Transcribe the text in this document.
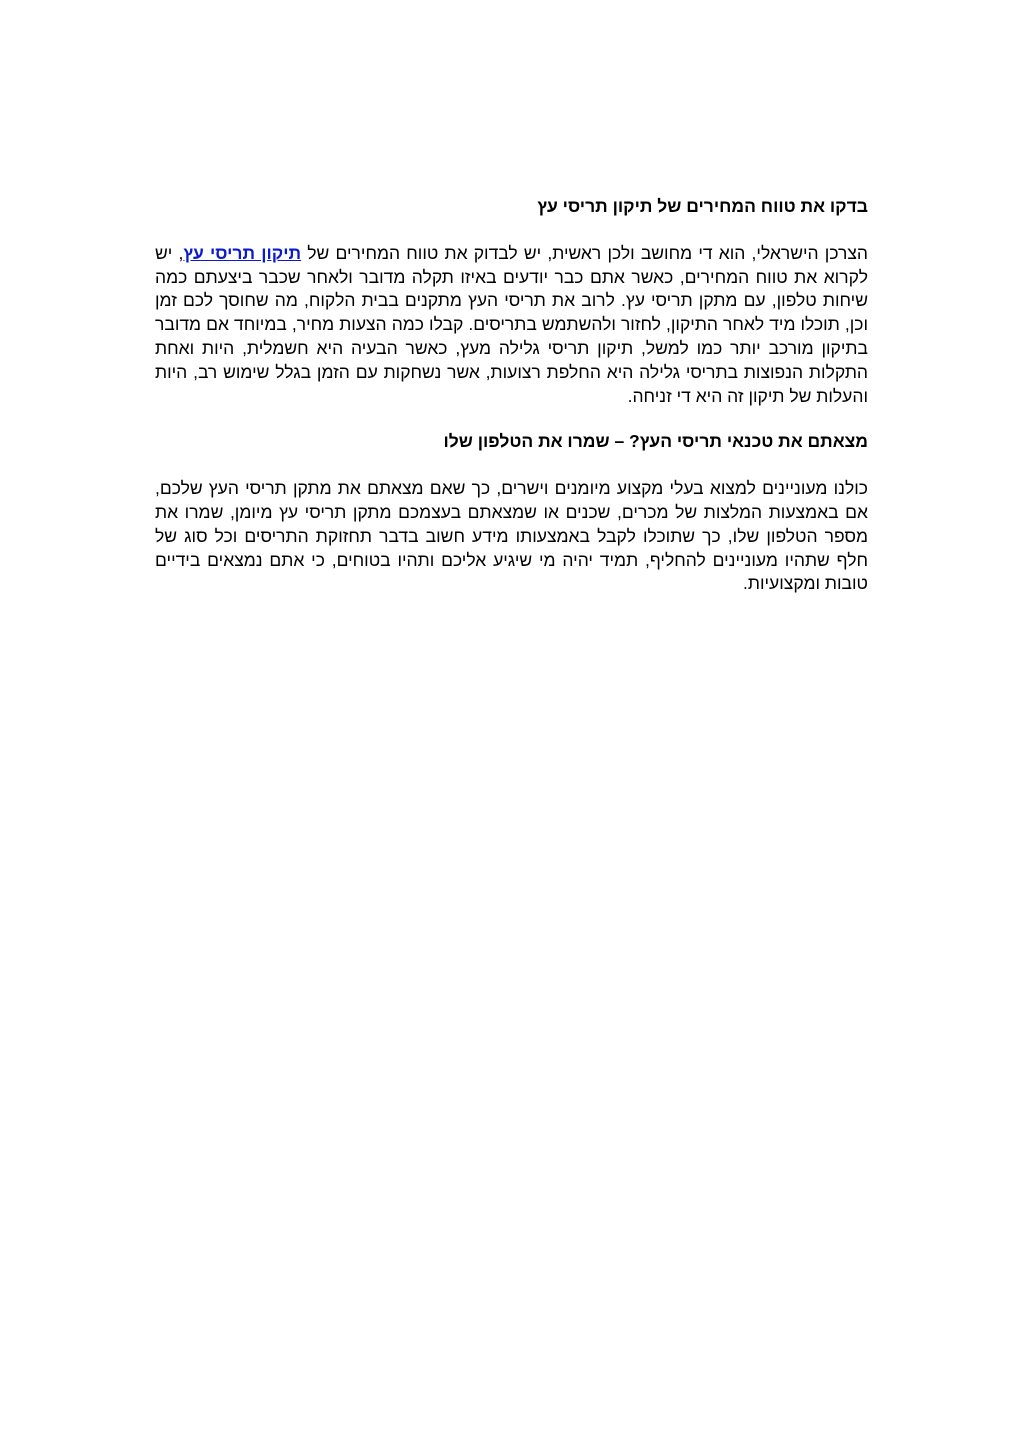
בדקו את טווח המחירים של תיקון תריסי עץ

הצרכן הישראלי, הוא די מחושב ולכן ראשית, יש לבדוק את טווח המחירים של תיקון תריסי עץ, יש לקרוא את טווח המחירים, כאשר אתם כבר יודעים באיזו תקלה מדובר ולאחר שכבר ביצעתם כמה שיחות טלפון, עם מתקן תריסי עץ. לרוב את תריסי העץ מתקנים בבית הלקוח, מה שחוסך לכם זמן וכן, תוכלו מיד לאחר התיקון, לחזור ולהשתמש בתריסים. קבלו כמה הצעות מחיר, במיוחד אם מדובר בתיקון מורכב יותר כמו למשל, תיקון תריסי גלילה מעץ, כאשר הבעיה היא חשמלית, היות ואחת התקלות הנפוצות בתריסי גלילה היא החלפת רצועות, אשר נשחקות עם הזמן בגלל שימוש רב, היות והעלות של תיקון זה היא די זניחה.

מצאתם את טכנאי תריסי העץ? – שמרו את הטלפון שלו

כולנו מעוניינים למצוא בעלי מקצוע מיומנים וישרים, כך שאם מצאתם את מתקן תריסי העץ שלכם, אם באמצעות המלצות של מכרים, שכנים או שמצאתם בעצמכם מתקן תריסי עץ מיומן, שמרו את מספר הטלפון שלו, כך שתוכלו לקבל באמצעותו מידע חשוב בדבר תחזוקת התריסים וכל סוג של חלף שתהיו מעוניינים להחליף, תמיד יהיה מי שיגיע אליכם ותהיו בטוחים, כי אתם נמצאים בידיים טובות ומקצועיות.
